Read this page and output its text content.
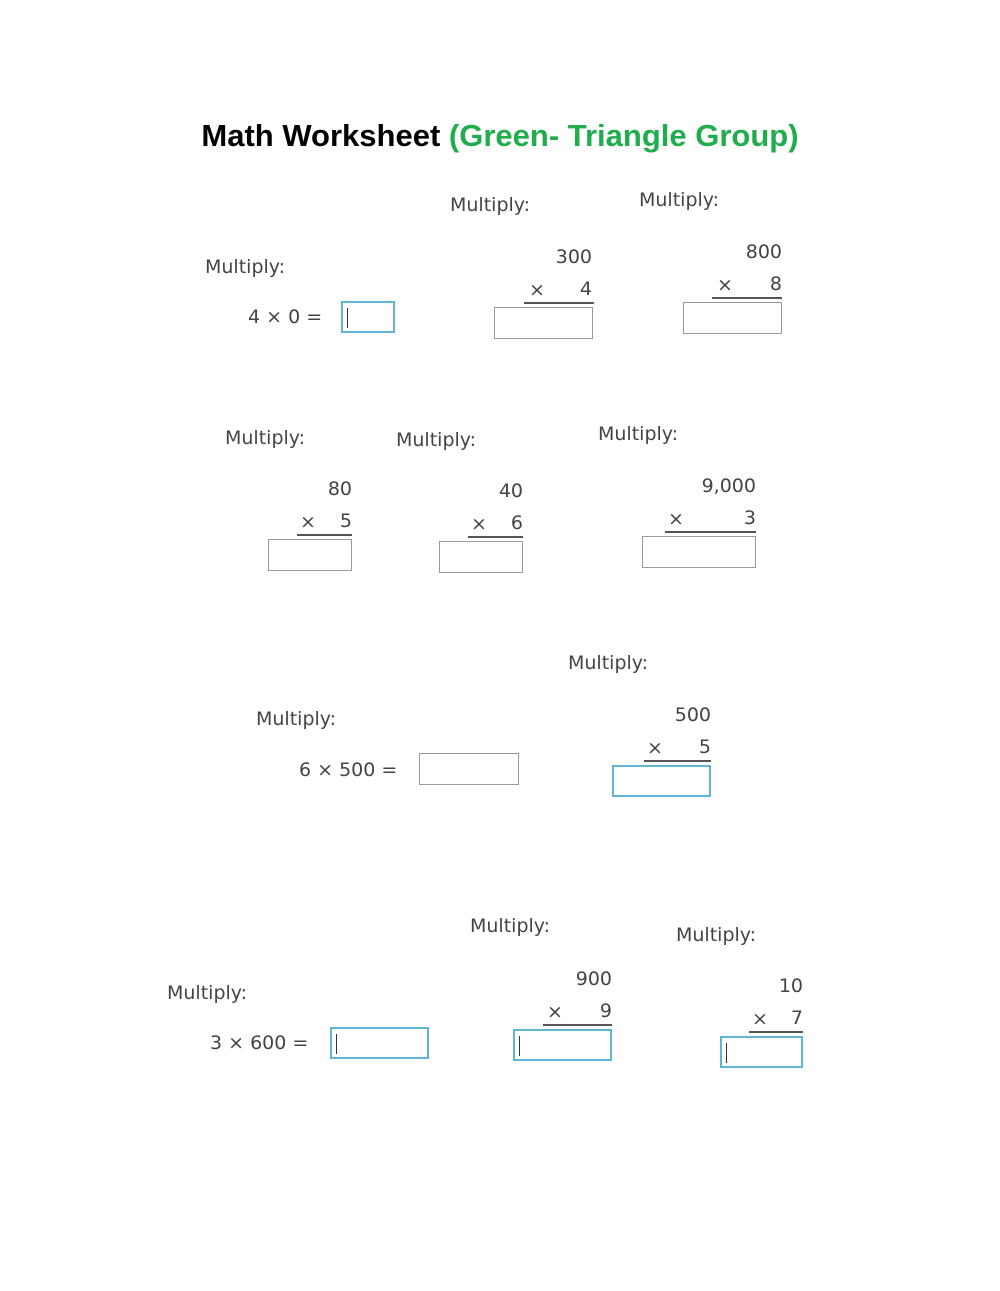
Math Worksheet (Green- Triangle Group)
Multiply:
4 × 0 =
Multiply:
300
×	4
Multiply:
800
×	8
Multiply:
80
×	5
Multiply:
40
×	6
Multiply:
9,000
×	3
Multiply:
6 × 500 =
Multiply:
500
×	5
Multiply:
3 × 600 =
Multiply:
900
×	9
Multiply:
10
×	7
